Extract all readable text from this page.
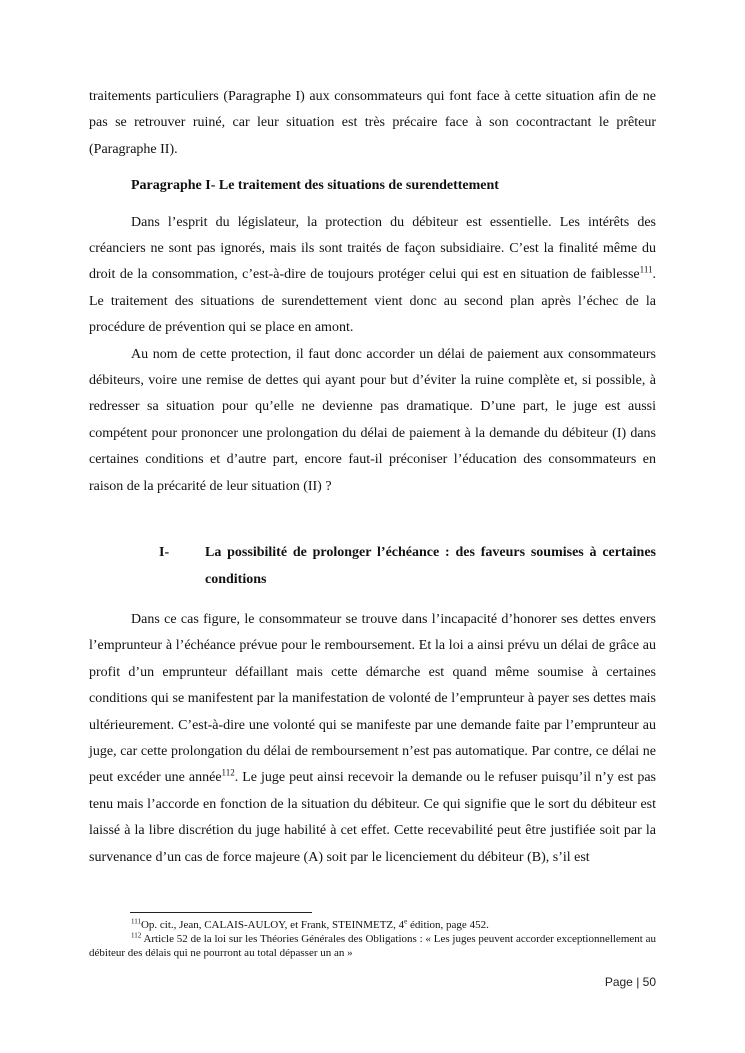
traitements particuliers (Paragraphe I) aux consommateurs qui font face à cette situation afin de ne pas se retrouver ruiné, car leur situation est très précaire face à son cocontractant le prêteur (Paragraphe II).

Paragraphe I- Le traitement des situations de surendettement

Dans l’esprit du législateur, la protection du débiteur est essentielle. Les intérêts des créanciers ne sont pas ignorés, mais ils sont traités de façon subsidiaire. C’est la finalité même du droit de la consommation, c’est-à-dire de toujours protéger celui qui est en situation de faiblesse$^{111}$. Le traitement des situations de surendettement vient donc au second plan après l’échec de la procédure de prévention qui se place en amont.

Au nom de cette protection, il faut donc accorder un délai de paiement aux consommateurs débiteurs, voire une remise de dettes qui ayant pour but d’éviter la ruine complète et, si possible, à redresser sa situation pour qu’elle ne devienne pas dramatique. D’une part, le juge est aussi compétent pour prononcer une prolongation du délai de paiement à la demande du débiteur (I) dans certaines conditions et d’autre part, encore faut-il préconiser l’éducation des consommateurs en raison de la précarité de leur situation (II) ?

I-	La possibilité de prolonger l’échéance : des faveurs soumises à certaines conditions

Dans ce cas figure, le consommateur se trouve dans l’incapacité d’honorer ses dettes envers l’emprunteur à l’échéance prévue pour le remboursement. Et la loi a ainsi prévu un délai de grâce au profit d’un emprunteur défaillant mais cette démarche est quand même soumise à certaines conditions qui se manifestent par la manifestation de volonté de l’emprunteur à payer ses dettes mais ultérieurement. C’est-à-dire une volonté qui se manifeste par une demande faite par l’emprunteur au juge, car cette prolongation du délai de remboursement n’est pas automatique. Par contre, ce délai ne peut excéder une année$^{112}$. Le juge peut ainsi recevoir la demande ou le refuser puisqu’il n’y est pas tenu mais l’accorde en fonction de la situation du débiteur. Ce qui signifie que le sort du débiteur est laissé à la libre discrétion du juge habilité à cet effet. Cette recevabilité peut être justifiée soit par la survenance d’un cas de force majeure (A) soit par le licenciement du débiteur (B), s’il est

$^{111}$Op. cit., Jean, CALAIS-AULOY, et Frank, STEINMETZ, 4e édition, page 452.

$^{112}$ Article 52 de la loi sur les Théories Générales des Obligations : « Les juges peuvent accorder exceptionnellement au débiteur des délais qui ne pourront au total dépasser un an »

Page | 50
